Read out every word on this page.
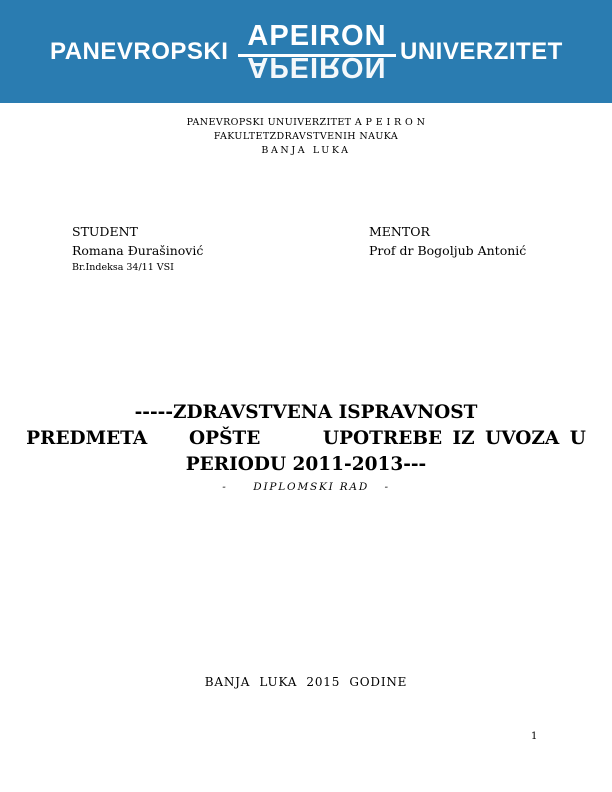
PANEVROPSKI APEIRON
APEIRON UNIVERZITET
PANEVROPSKI UNUIVERZITET A P E I R O N
FAKULTETZDRAVSTVENIH NAUKA
BANJA LUKA
STUDENT
Romana Đurašinović
Br.Indeksa 34/11 VSI
MENTOR
Prof dr Bogoljub Antonić
-----ZDRAVSTVENA ISPRAVNOST
PREDMETA    OPŠTE      UPOTREBE IZ UVOZA U
PERIODU 2011-2013---
-     DIPLOMSKI RAD   -
BANJA  LUKA  2015  GODINE
1
